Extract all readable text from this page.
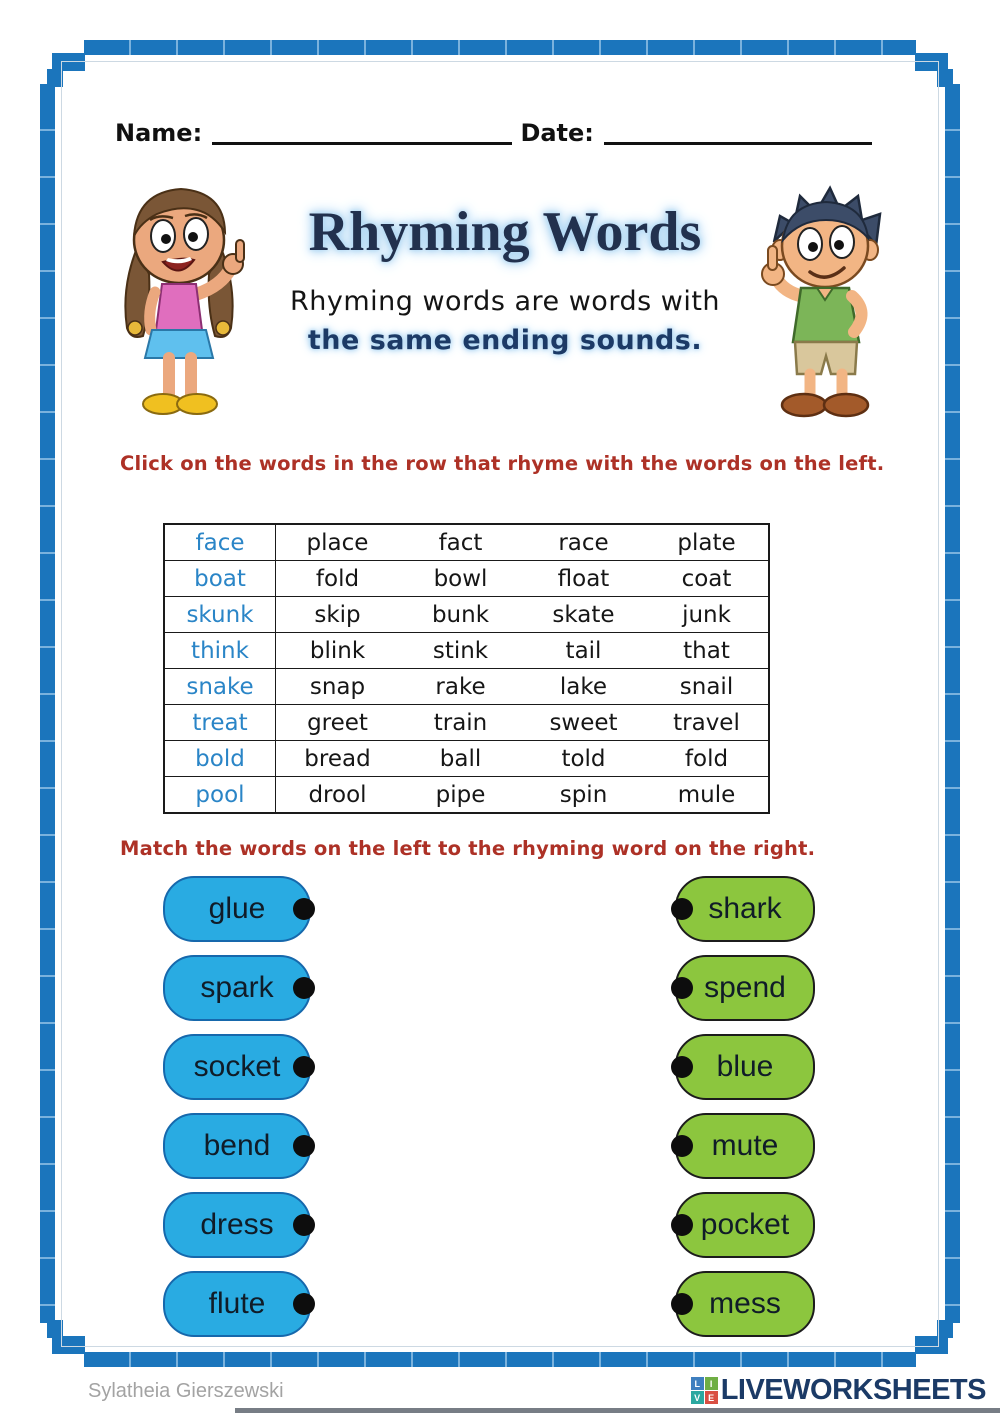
Name:	Date:
Rhyming Words
Rhyming words are words with
the same ending sounds.
Click on the words in the row that rhyme with the words on the left.
face	place	fact	race	plate
boat	fold	bowl	float	coat
skunk	skip	bunk	skate	junk
think	blink	stink	tail	that
snake	snap	rake	lake	snail
treat	greet	train	sweet	travel
bold	bread	ball	told	fold
pool	drool	pipe	spin	mule
Match the words on the left to the rhyming word on the right.
glue
spark
socket
bend
dress
flute
shark
spend
blue
mute
pocket
mess
Sylatheia Gierszewski	L	I
V E LIVEWORKSHEETS
